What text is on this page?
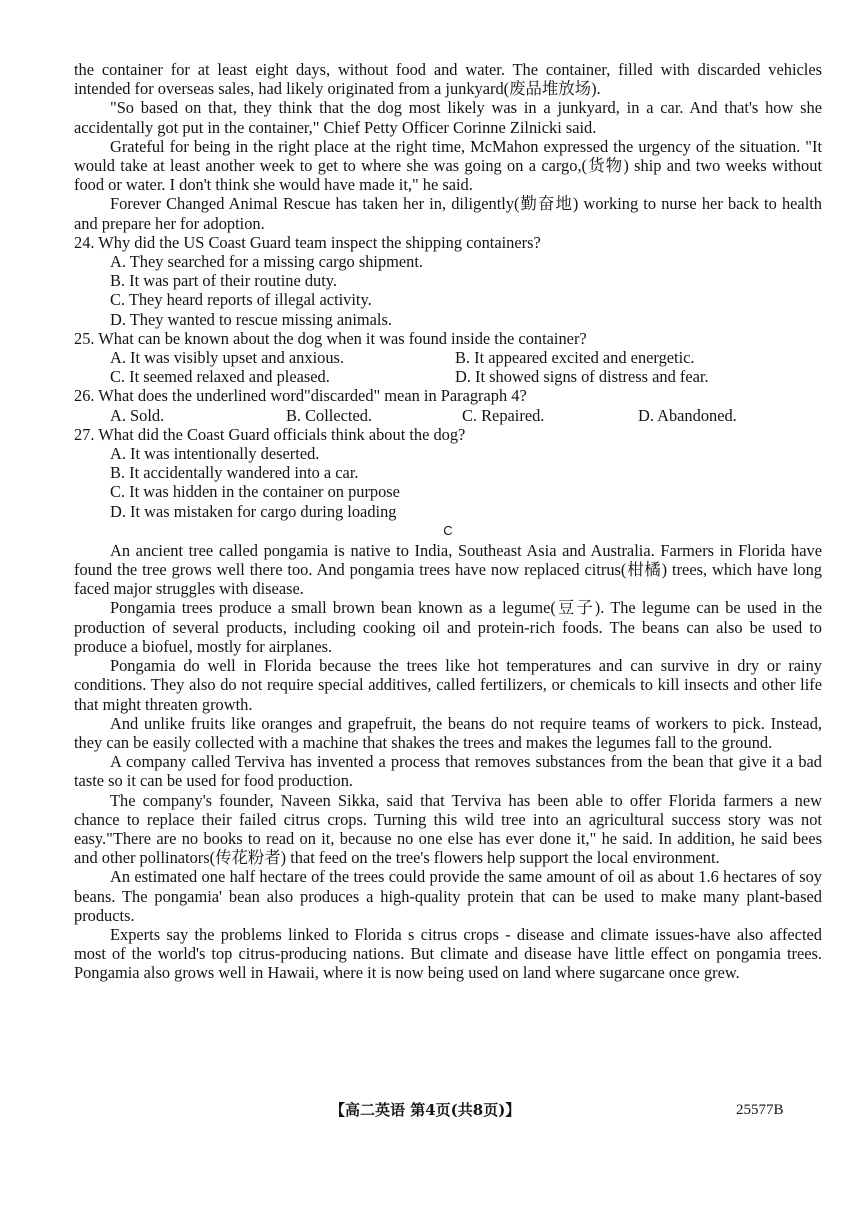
the container for at least eight days, without food and water. The container, filled with discarded vehicles intended for overseas sales, had likely originated from a junkyard(废品堆放场).

"So based on that, they think that the dog most likely was in a junkyard, in a car. And that's how she accidentally got put in the container," Chief Petty Officer Corinne Zilnicki said.

Grateful for being in the right place at the right time, McMahon expressed the urgency of the situation. "It would take at least another week to get to where she was going on a cargo,(货物) ship and two weeks without food or water. I don't think she would have made it," he said.

Forever Changed Animal Rescue has taken her in, diligently(勤奋地) working to nurse her back to health and prepare her for adoption.

24. Why did the US Coast Guard team inspect the shipping containers?

A. They searched for a missing cargo shipment.

B. It was part of their routine duty.

C. They heard reports of illegal activity.

D. They wanted to rescue missing animals.

25. What can be known about the dog when it was found inside the container?

A. It was visibly upset and anxious.	B. It appeared excited and energetic.
C. It seemed relaxed and pleased.	D. It showed signs of distress and fear.

26. What does the underlined word"discarded" mean in Paragraph 4?

A. Sold.	B. Collected.	C. Repaired.	D. Abandoned.

27. What did the Coast Guard officials think about the dog?

A. It was intentionally deserted.

B. It accidentally wandered into a car.

C. It was hidden in the container on purpose

D. It was mistaken for cargo during loading

C

An ancient tree called pongamia is native to India, Southeast Asia and Australia. Farmers in Florida have found the tree grows well there too. And pongamia trees have now replaced citrus(柑橘) trees, which have long faced major struggles with disease.

Pongamia trees produce a small brown bean known as a legume(豆子). The legume can be used in the production of several products, including cooking oil and protein-rich foods. The beans can also be used to produce a biofuel, mostly for airplanes.

Pongamia do well in Florida because the trees like hot temperatures and can survive in dry or rainy conditions. They also do not require special additives, called fertilizers, or chemicals to kill insects and other life that might threaten growth.

And unlike fruits like oranges and grapefruit, the beans do not require teams of workers to pick. Instead, they can be easily collected with a machine that shakes the trees and makes the legumes fall to the ground.

A company called Terviva has invented a process that removes substances from the bean that give it a bad taste so it can be used for food production.

The company's founder, Naveen Sikka, said that Terviva has been able to offer Florida farmers a new chance to replace their failed citrus crops. Turning this wild tree into an agricultural success story was not easy."There are no books to read on it, because no one else has ever done it," he said. In addition, he said bees and other pollinators(传花粉者) that feed on the tree's flowers help support the local environment.

An estimated one half hectare of the trees could provide the same amount of oil as about 1.6 hectares of soy beans. The pongamia' bean also produces a high-quality protein that can be used to make many plant-based products.

Experts say the problems linked to Florida s citrus crops - disease and climate issues-have also affected most of the world's top citrus-producing nations. But climate and disease have little effect on pongamia trees. Pongamia also grows well in Hawaii, where it is now being used on land where sugarcane once grew.

【高二英语 第4页(共8页)】	25577B
